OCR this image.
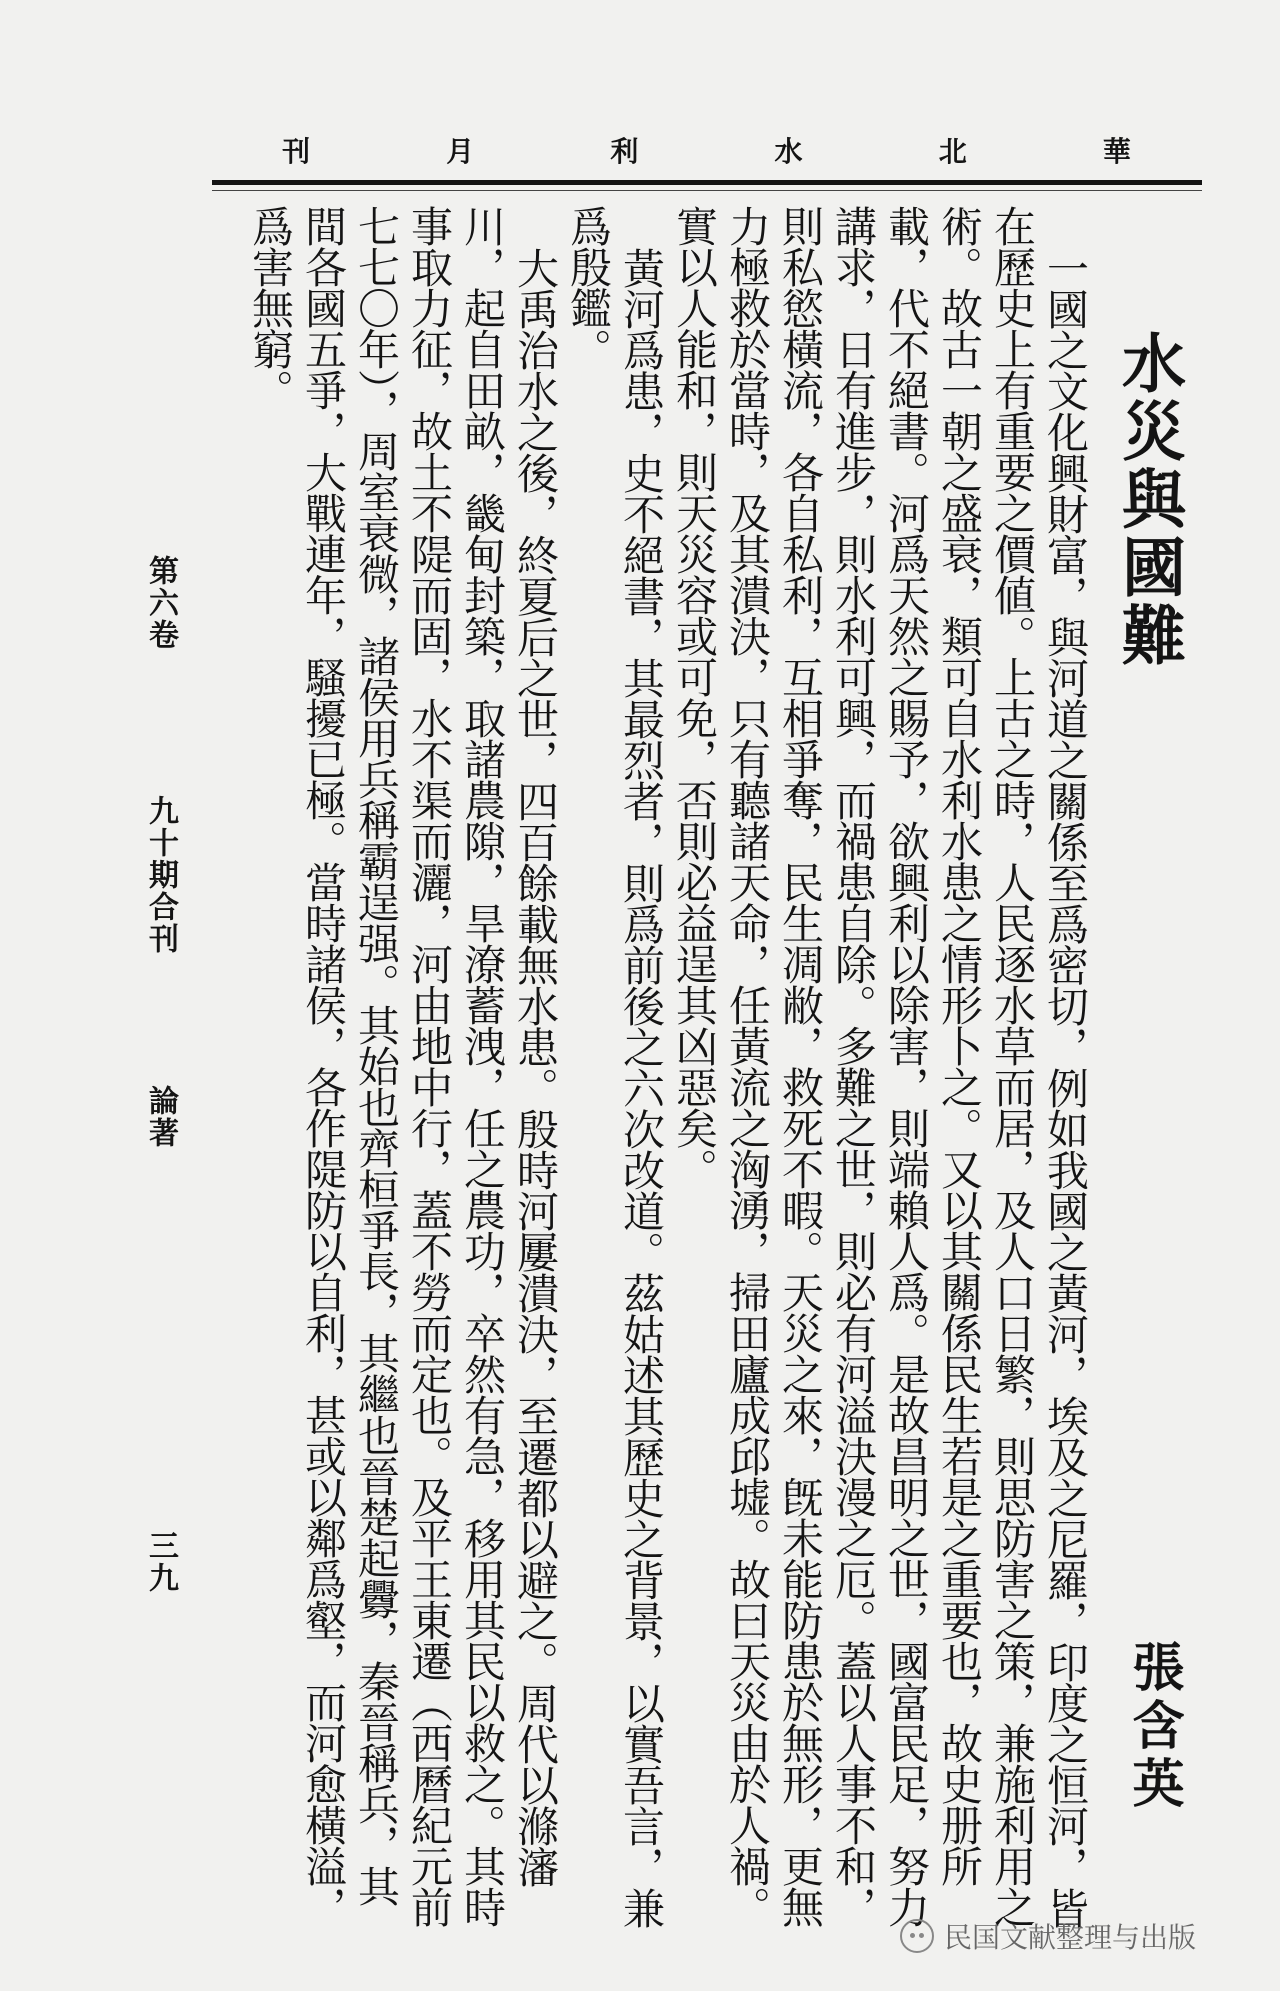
華
北
水
利
月
刊
水災與國難
張含英

一國之文化興財富，與河道之關係至爲密切，例如我國之黃河，埃及之尼羅，印度之恒河，皆在歷史上有重要之價値。上古之時，人民逐水草而居，及人口日繁，則思防害之策，兼施利用之術。故古一朝之盛衰，類可自水利水患之情形卜之。又以其關係民生若是之重要也，故史册所載，代不絕書。河爲天然之賜予，欲興利以除害，則端賴人爲。是故昌明之世，國富民足，努力講求，日有進步，則水利可興，而禍患自除。多難之世，則必有河溢決漫之厄。蓋以人事不和，則私慾橫流，各自私利，互相爭奪，民生凋敝，救死不暇。天災之來，旣未能防患於無形，更無力極救於當時，及其潰決，只有聽諸天命，任黃流之洶湧，掃田廬成邱墟。故曰天災由於人禍。實以人能和，則天災容或可免，否則必益逞其凶惡矣。

黃河爲患，史不絕書，其最烈者，則爲前後之六次改道。茲姑述其歷史之背景，以實吾言，兼爲殷鑑。

大禹治水之後，終夏后之世，四百餘載無水患。殷時河屢潰決，至遷都以避之。周代以滌瀋川，起自田畝，畿甸封築，取諸農隙，旱潦蓄洩，任之農功，卒然有急，移用其民以救之。其時事取力征，故土不隄而固，水不渠而灑，河由地中行，蓋不勞而定也。及平王東遷（西曆紀元前七七〇年），周室衰微，諸侯用兵稱霸逞强。其始也齊桓爭長，其繼也晉楚起釁，秦晉稱兵，其間各國五爭，大戰連年，騷擾已極。當時諸侯，各作隄防以自利，甚或以鄰爲壑，而河愈橫溢，爲害無窮。

第六卷
九十期合刊
論著
三九
民国文献整理与出版
